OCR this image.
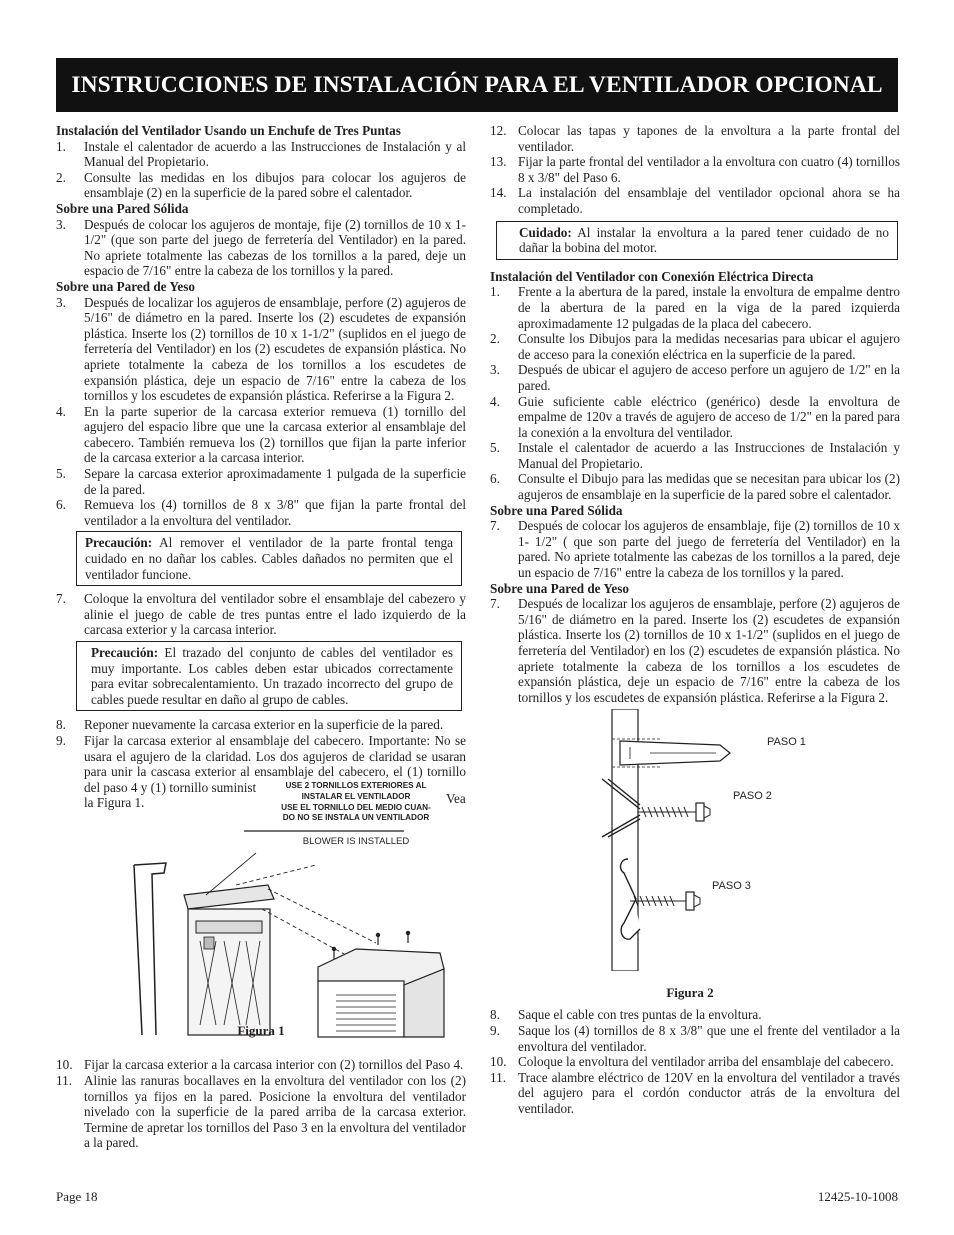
INSTRUCCIONES DE INSTALACIÓN PARA EL VENTILADOR OPCIONAL

Instalación del Ventilador Usando un Enchufe de Tres Puntas

1.	Instale el calentador de acuerdo a las Instrucciones de Instalación y al Manual del Propietario.
2.	Consulte las medidas en los dibujos para colocar los agujeros de ensamblaje (2) en la superficie de la pared sobre el calentador.

Sobre una Pared Sólida

3.	Después de colocar los agujeros de montaje, fije (2) tornillos de 10 x 1-1/2" (que son parte del juego de ferretería del Ventilador) en la pared. No apriete totalmente las cabezas de los tornillos a la pared, deje un espacio de 7/16" entre la cabeza de los tornillos y la pared.

Sobre una Pared de Yeso

3.	Después de localizar los agujeros de ensamblaje, perfore (2) agujeros de 5/16" de diámetro en la pared. Inserte los (2) escudetes de expansión plástica. Inserte los (2) tornillos de 10 x 1-1/2" (suplidos en el juego de ferretería del Ventilador) en los (2) escudetes de expansión plástica. No apriete totalmente la cabeza de los tornillos a los escudetes de expansión plástica, deje un espacio de 7/16" entre la cabeza de los tornillos y los escudetes de expansión plástica. Referirse a la Figura 2.
4.	En la parte superior de la carcasa exterior remueva (1) tornillo del agujero del espacio libre que une la carcasa exterior al ensamblaje del cabecero. También remueva los (2) tornillos que fijan la parte inferior de la carcasa exterior a la carcasa interior.
5.	Separe la carcasa exterior aproximadamente 1 pulgada de la superficie de la pared.
6.	Remueva los (4) tornillos de 8 x 3/8" que fijan la parte frontal del ventilador a la envoltura del ventilador.
Precaución: Al remover el ventilador de la parte frontal tenga cuidado en no dañar los cables. Cables dañados no permiten que el ventilador funcione.
7.	Coloque la envoltura del ventilador sobre el ensamblaje del cabezero y alinie el juego de cable de tres puntas entre el lado izquierdo de la carcasa exterior y la carcasa interior.
Precaución: El trazado del conjunto de cables del ventilador es muy importante. Los cables deben estar ubicados correctamente para evitar sobrecalentamiento. Un trazado incorrecto del grupo de cables puede resultar en daño al grupo de cables.
8.	Reponer nuevamente la carcasa exterior en la superficie de la pared.
9.	Fijar la carcasa exterior al ensamblaje del cabecero. Importante: No se usara el agujero de la claridad. Los dos agujeros de claridad se usaran para unir la cascasa exterior al ensamblaje del cabecero, el (1) tornillo del paso 4 y (1) tornillo suminist
la Figura 1.
USE 2 TORNILLOS EXTERIORES AL
INSTALAR EL VENTILADOR
USE EL TORNILLO DEL MEDIO CUAN-
DO NO SE INSTALA UN VENTILADOR
BLOWER IS INSTALLED
Figura 1
10. Fijar la carcasa exterior a la carcasa interior con (2) tornillos del Paso 4.
11. Alinie las ranuras bocallaves en la envoltura del ventilador con los (2) tornillos ya fijos en la pared. Posicione la envoltura del ventilador nivelado con la superficie de la pared arriba de la carcasa exterior. Termine de apretar los tornillos del Paso 3 en la envoltura del ventilador a la pared.
Vea
12. Colocar las tapas y tapones de la envoltura a la parte frontal del ventilador.
13. Fijar la parte frontal del ventilador a la envoltura con cuatro (4) tornillos 8 x 3/8" del Paso 6.
14. La instalación del ensamblaje del ventilador opcional ahora se ha completado.
Cuidado: Al instalar la envoltura a la pared tener cuidado de no dañar la bobina del motor.

Instalación del Ventilador con Conexión Eléctrica Directa

1.	Frente a la abertura de la pared, instale la envoltura de empalme dentro de la abertura de la pared en la viga de la pared izquierda aproximadamente 12 pulgadas de la placa del cabecero.
2.	Consulte los Dibujos para la medidas necesarias para ubicar el agujero de acceso para la conexión eléctrica en la superficie de la pared.
3.	Después de ubicar el agujero de acceso perfore un agujero de 1/2" en la pared.
4.	Guie suficiente cable eléctrico (genérico) desde la envoltura de empalme de 120v a través de agujero de acceso de 1/2" en la pared para la conexión a la envoltura del ventilador.
5.	Instale el calentador de acuerdo a las Instrucciones de Instalación y Manual del Propietario.
6.	Consulte el Dibujo para las medidas que se necesitan para ubicar los (2) agujeros de ensamblaje en la superficie de la pared sobre el calentador.

Sobre una Pared Sólida

7.	Después de colocar los agujeros de ensamblaje, fije (2) tornillos de 10 x 1- 1/2" ( que son parte del juego de ferretería del Ventilador) en la pared. No apriete totalmente las cabezas de los tornillos a la pared, deje un espacio de 7/16" entre la cabeza de los tornillos y la pared.

Sobre una Pared de Yeso

7.	Después de localizar los agujeros de ensamblaje, perfore (2) agujeros de 5/16" de diámetro en la pared. Inserte los (2) escudetes de expansión plástica. Inserte los (2) tornillos de 10 x 1-1/2" (suplidos en el juego de ferretería del Ventilador) en los (2) escudetes de expansión plástica. No apriete totalmente la cabeza de los tornillos a los escudetes de expansión plástica, deje un espacio de 7/16" entre la cabeza de los tornillos y los escudetes de expansión plástica. Referirse a la Figura 2.
PASO 1
PASO 2
PASO 3
Figura 2
8.	Saque el cable con tres puntas de la envoltura.
9.	Saque los (4) tornillos de 8 x 3/8" que une el frente del ventilador a la envoltura del ventilador.
10. Coloque la envoltura del ventilador arriba del ensamblaje del cabecero.
11. Trace alambre eléctrico de 120V en la envoltura del ventilador a través del agujero para el cordón conductor atrás de la envoltura del ventilador.
Page 18	12425-10-1008
